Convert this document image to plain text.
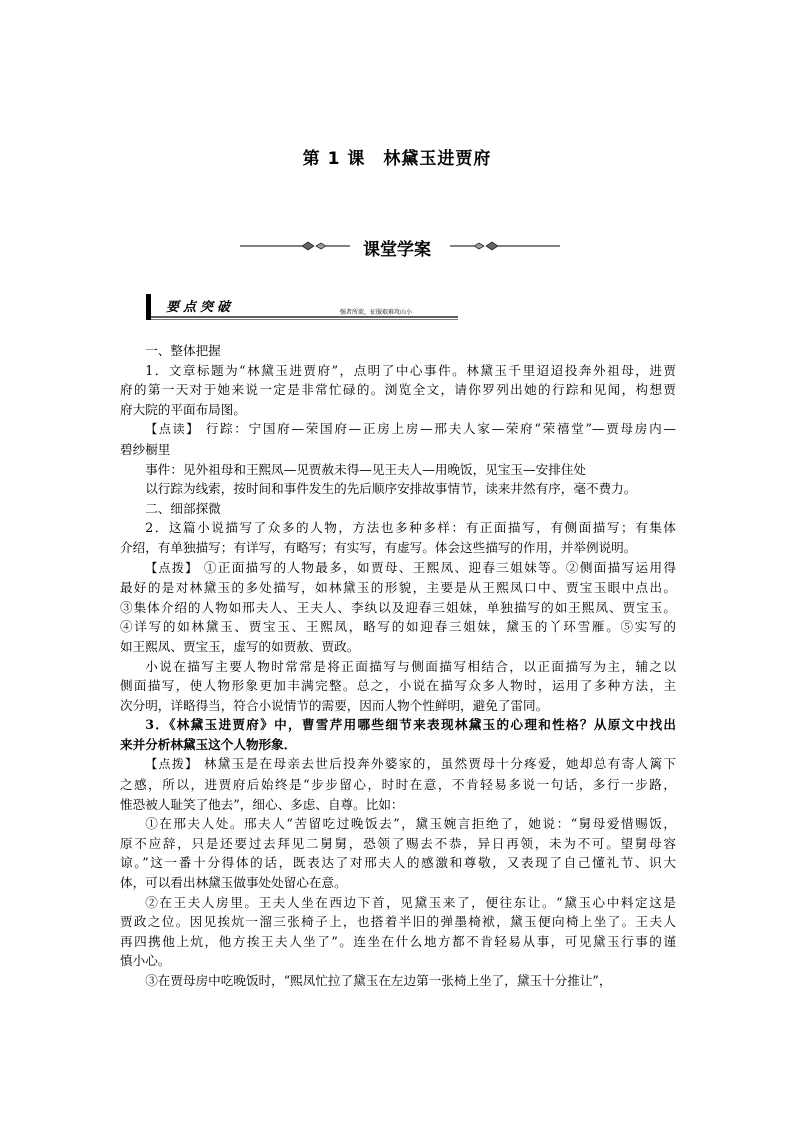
第 1 课　林黛玉进贾府
课堂学案
要点突破	强者所欲，征服艰难攻山小

一、整体把握

1．文章标题为“林黛玉进贾府”，点明了中心事件。林黛玉千里迢迢投奔外祖母，进贾

府的第一天对于她来说一定是非常忙碌的。浏览全文，请你罗列出她的行踪和见闻，构想贾

府大院的平面布局图。

【点读】 行踪：宁国府—荣国府—正房上房—邢夫人家—荣府“荣禧堂”—贾母房内—

碧纱橱里

事件：见外祖母和王熙凤—见贾赦未得—见王夫人—用晚饭，见宝玉—安排住处

以行踪为线索，按时间和事件发生的先后顺序安排故事情节，读来井然有序，毫不费力。

二、细部探微

2．这篇小说描写了众多的人物，方法也多种多样：有正面描写，有侧面描写；有集体

介绍，有单独描写；有详写，有略写；有实写，有虚写。体会这些描写的作用，并举例说明。

【点拨】 ①正面描写的人物最多，如贾母、王熙凤、迎春三姐妹等。②侧面描写运用得

最好的是对林黛玉的多处描写，如林黛玉的形貌，主要是从王熙凤口中、贾宝玉眼中点出。

③集体介绍的人物如邢夫人、王夫人、李纨以及迎春三姐妹，单独描写的如王熙凤、贾宝玉。

④详写的如林黛玉、贾宝玉、王熙凤，略写的如迎春三姐妹，黛玉的丫环雪雁。⑤实写的

如王熙凤、贾宝玉，虚写的如贾赦、贾政。

小说在描写主要人物时常常是将正面描写与侧面描写相结合，以正面描写为主，辅之以

侧面描写，使人物形象更加丰满完整。总之，小说在描写众多人物时，运用了多种方法，主

次分明，详略得当，符合小说情节的需要，因而人物个性鲜明，避免了雷同。

3．《林黛玉进贾府》中，曹雪芹用哪些细节来表现林黛玉的心理和性格？从原文中找出

来并分析林黛玉这个人物形象．

【点拨】 林黛玉是在母亲去世后投奔外婆家的，虽然贾母十分疼爱，她却总有寄人篱下

之感，所以，进贾府后始终是“步步留心，时时在意，不肯轻易多说一句话，多行一步路，

惟恐被人耻笑了他去”，细心、多虑、自尊。比如：

①在邢夫人处。邢夫人“苦留吃过晚饭去”，黛玉婉言拒绝了，她说：“舅母爱惜赐饭，

原不应辞，只是还要过去拜见二舅舅，恐领了赐去不恭，异日再领，未为不可。望舅母容

谅。”这一番十分得体的话，既表达了对邢夫人的感激和尊敬，又表现了自己懂礼节、识大

体，可以看出林黛玉做事处处留心在意。

②在王夫人房里。王夫人坐在西边下首，见黛玉来了，便往东让。“黛玉心中料定这是

贾政之位。因见挨炕一溜三张椅子上，也搭着半旧的弹墨椅袱，黛玉便向椅上坐了。王夫人

再四携他上炕，他方挨王夫人坐了”。连坐在什么地方都不肯轻易从事，可见黛玉行事的谨

慎小心。

③在贾母房中吃晚饭时，“熙凤忙拉了黛玉在左边第一张椅上坐了，黛玉十分推让”，
